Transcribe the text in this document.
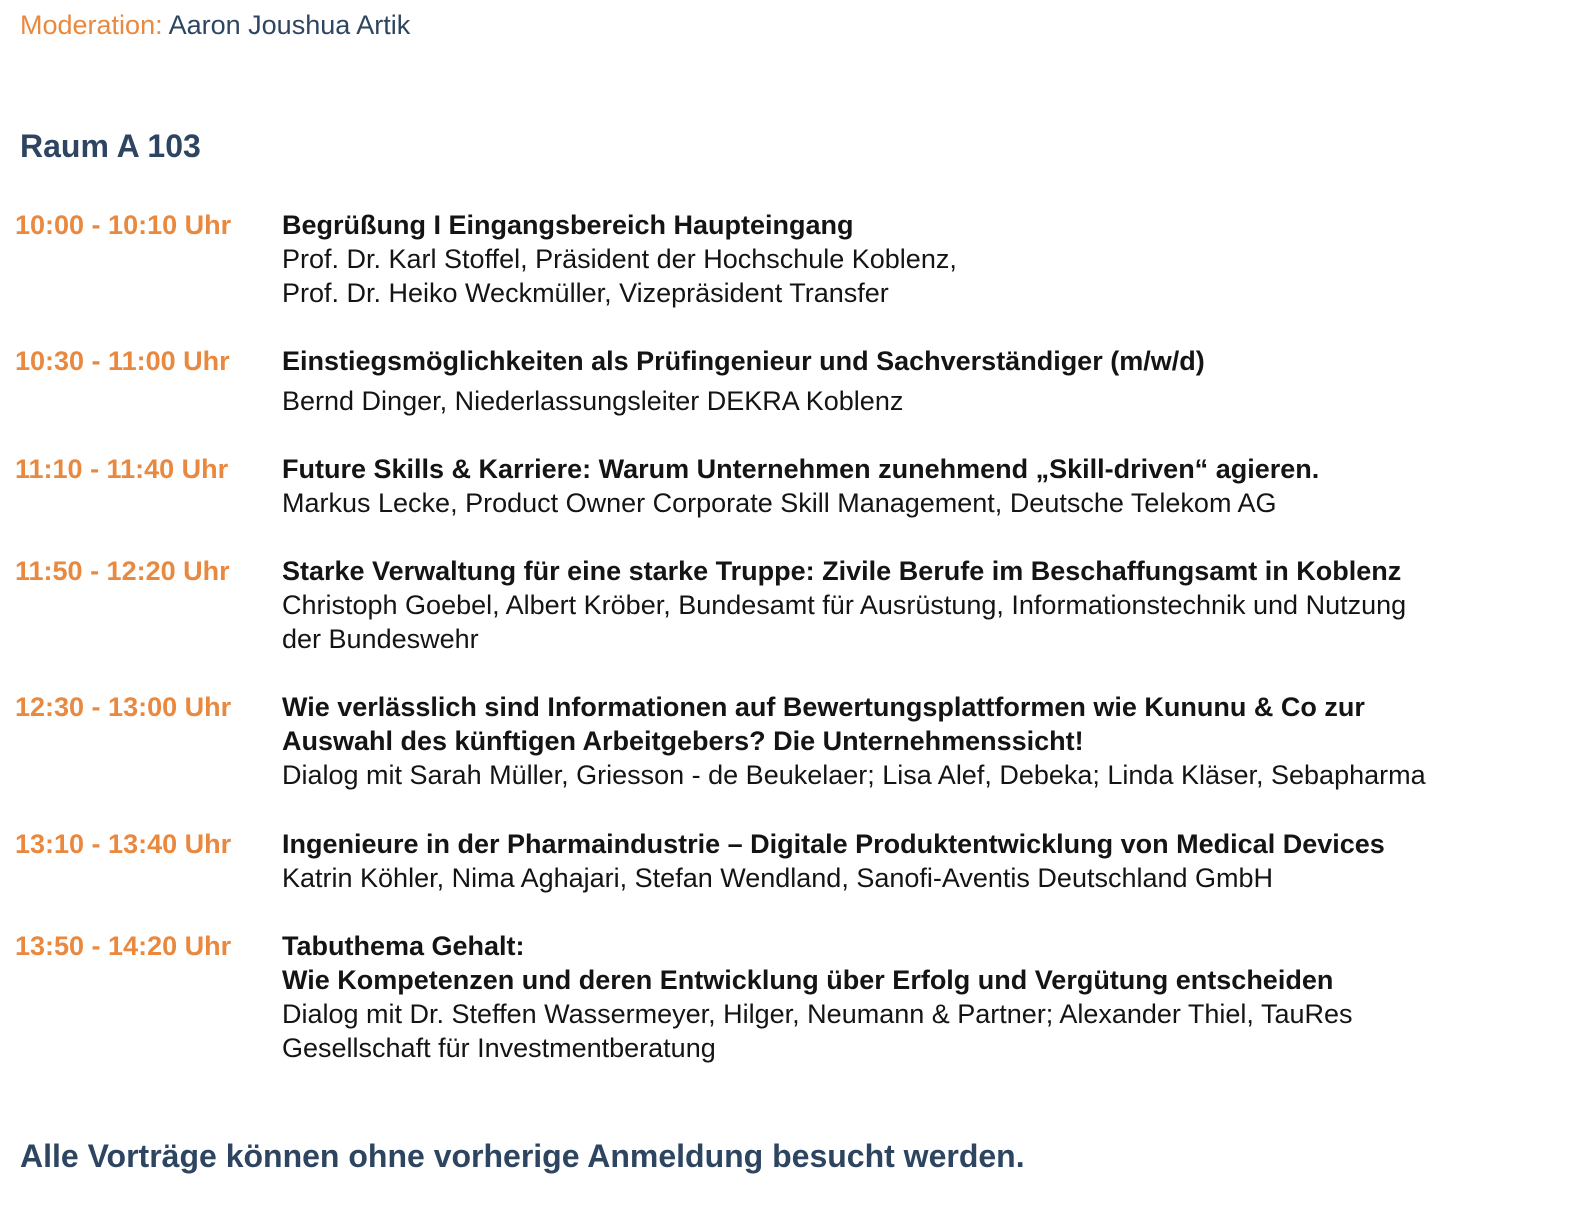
Moderation: Aaron Joushua Artik
Raum A 103
10:00 - 10:10 Uhr	Begrüßung I Eingangsbereich Haupteingang

Prof. Dr. Karl Stoffel, Präsident der Hochschule Koblenz,

Prof. Dr. Heiko Weckmüller, Vizepräsident Transfer

10:30 - 11:00 Uhr	Einstiegsmöglichkeiten als Prüfingenieur und Sachverständiger (m/w/d)

Bernd Dinger, Niederlassungsleiter DEKRA Koblenz

11:10 - 11:40 Uhr	Future Skills & Karriere: Warum Unternehmen zunehmend „Skill-driven“ agieren.

Markus Lecke, Product Owner Corporate Skill Management, Deutsche Telekom AG

11:50 - 12:20 Uhr	Starke Verwaltung für eine starke Truppe: Zivile Berufe im Beschaffungsamt in Koblenz

Christoph Goebel, Albert Kröber, Bundesamt für Ausrüstung, Informationstechnik und Nutzung

der Bundeswehr

12:30 - 13:00 Uhr	Wie verlässlich sind Informationen auf Bewertungsplattformen wie Kununu & Co zur

Auswahl des künftigen Arbeitgebers? Die Unternehmenssicht!

Dialog mit Sarah Müller, Griesson - de Beukelaer; Lisa Alef, Debeka; Linda Kläser, Sebapharma

13:10 - 13:40 Uhr	Ingenieure in der Pharmaindustrie – Digitale Produktentwicklung von Medical Devices

Katrin Köhler, Nima Aghajari, Stefan Wendland, Sanofi-Aventis Deutschland GmbH

13:50 - 14:20 Uhr	Tabuthema Gehalt:

Wie Kompetenzen und deren Entwicklung über Erfolg und Vergütung entscheiden

Dialog mit Dr. Steffen Wassermeyer, Hilger, Neumann & Partner; Alexander Thiel, TauRes

Gesellschaft für Investmentberatung

Alle Vorträge können ohne vorherige Anmeldung besucht werden.
